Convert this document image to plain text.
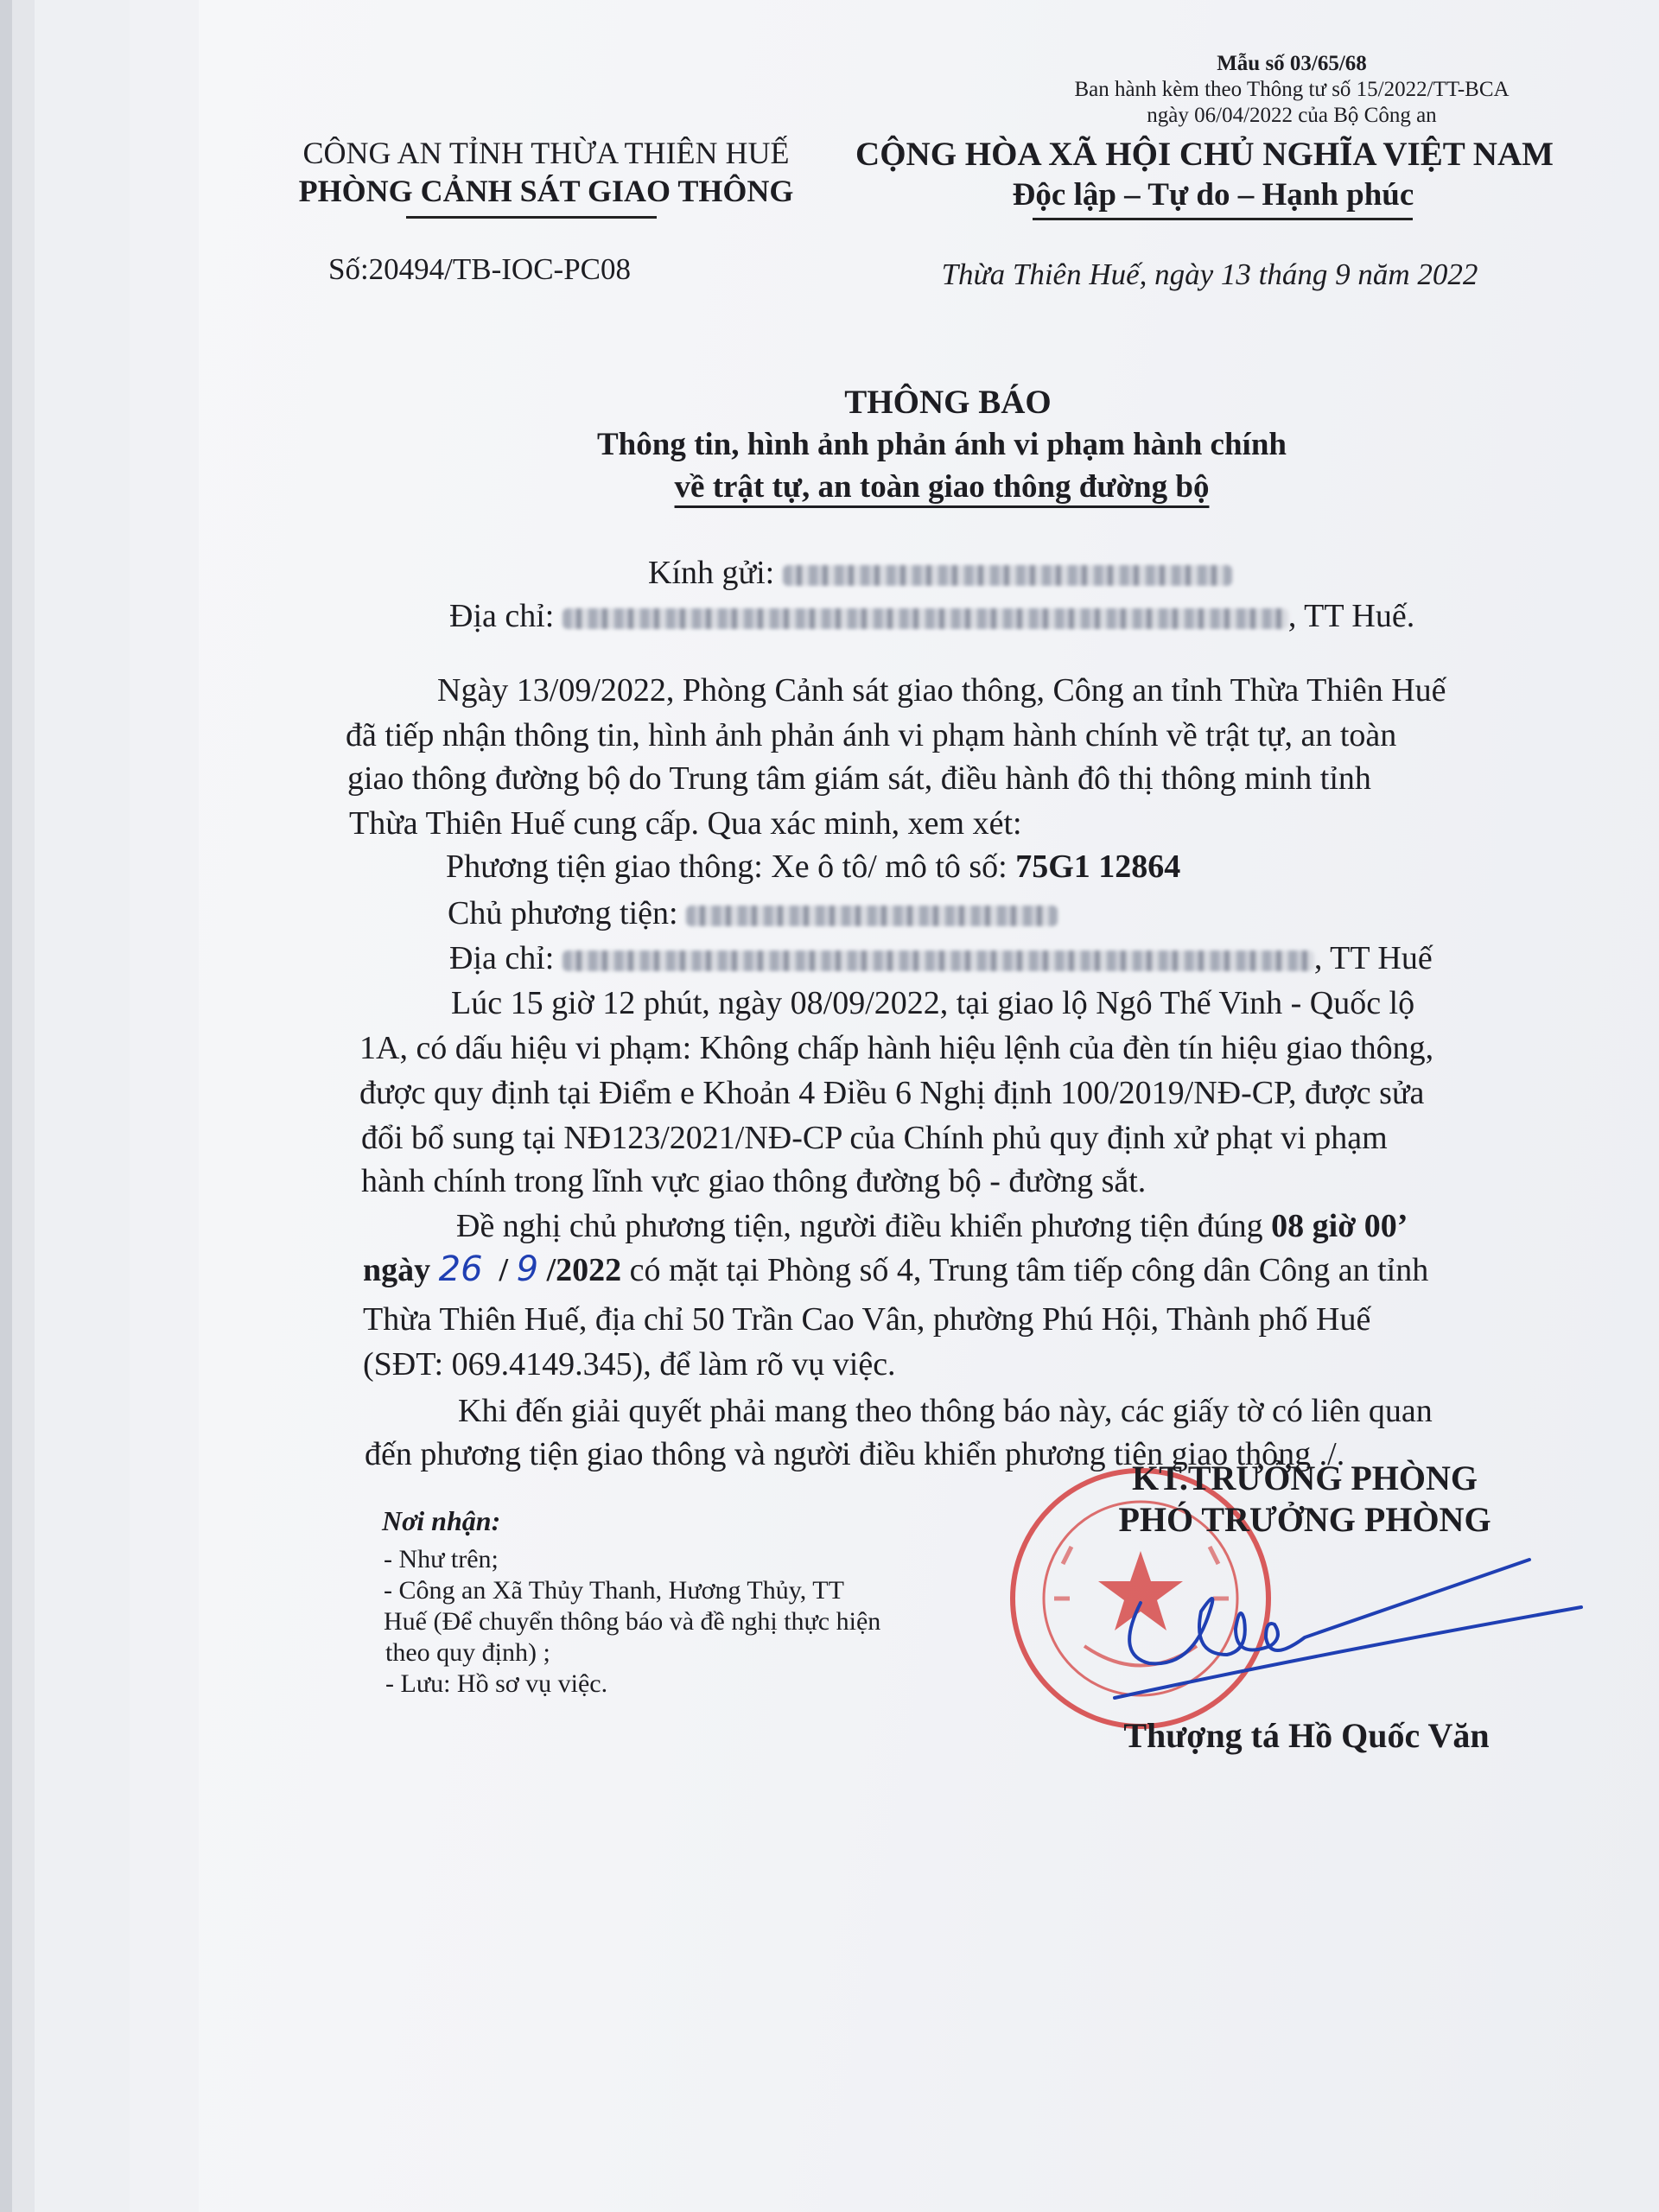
Mẫu số 03/65/68
Ban hành kèm theo Thông tư số 15/2022/TT-BCA
ngày 06/04/2022 của Bộ Công an
CÔNG AN TỈNH THỪA THIÊN HUẾ
PHÒNG CẢNH SÁT GIAO THÔNG
CỘNG HÒA XÃ HỘI CHỦ NGHĨA VIỆT NAM
Độc lập – Tự do – Hạnh phúc
Số:20494/TB-IOC-PC08	Thừa Thiên Huế, ngày 13 tháng 9 năm 2022
THÔNG BÁO
Thông tin, hình ảnh phản ánh vi phạm hành chính
về trật tự, an toàn giao thông đường bộ
Kính gửi:
Địa chỉ:	, TT Huế.
Ngày 13/09/2022, Phòng Cảnh sát giao thông, Công an tỉnh Thừa Thiên Huế
đã tiếp nhận thông tin, hình ảnh phản ánh vi phạm hành chính về trật tự, an toàn
giao thông đường bộ do Trung tâm giám sát, điều hành đô thị thông minh tỉnh
Thừa Thiên Huế cung cấp. Qua xác minh, xem xét:
Phương tiện giao thông: Xe ô tô/ mô tô số: 75G1 12864
Chủ phương tiện:
Địa chỉ:	, TT Huế
Lúc 15 giờ 12 phút, ngày 08/09/2022, tại giao lộ Ngô Thế Vinh - Quốc lộ
1A, có dấu hiệu vi phạm: Không chấp hành hiệu lệnh của đèn tín hiệu giao thông,
được quy định tại Điểm e Khoản 4 Điều 6 Nghị định 100/2019/NĐ-CP, được sửa
đổi bổ sung tại NĐ123/2021/NĐ-CP của Chính phủ quy định xử phạt vi phạm
hành chính trong lĩnh vực giao thông đường bộ - đường sắt.
Đề nghị chủ phương tiện, người điều khiển phương tiện đúng 08 giờ 00’
ngày 26  / 9 /2022 có mặt tại Phòng số 4, Trung tâm tiếp công dân Công an tỉnh
Thừa Thiên Huế, địa chỉ 50 Trần Cao Vân, phường Phú Hội, Thành phố Huế
(SĐT: 069.4149.345), để làm rõ vụ việc.
Khi đến giải quyết phải mang theo thông báo này, các giấy tờ có liên quan
đến phương tiện giao thông và người điều khiển phương tiện giao thông ./.
Nơi nhận:
- Như trên;
- Công an Xã Thủy Thanh, Hương Thủy, TT
Huế (Để chuyển thông báo và đề nghị thực hiện
theo quy định) ;
- Lưu: Hồ sơ vụ việc.
KT.TRƯỞNG PHÒNG
PHÓ TRƯỞNG PHÒNG
Thượng tá Hồ Quốc Văn
